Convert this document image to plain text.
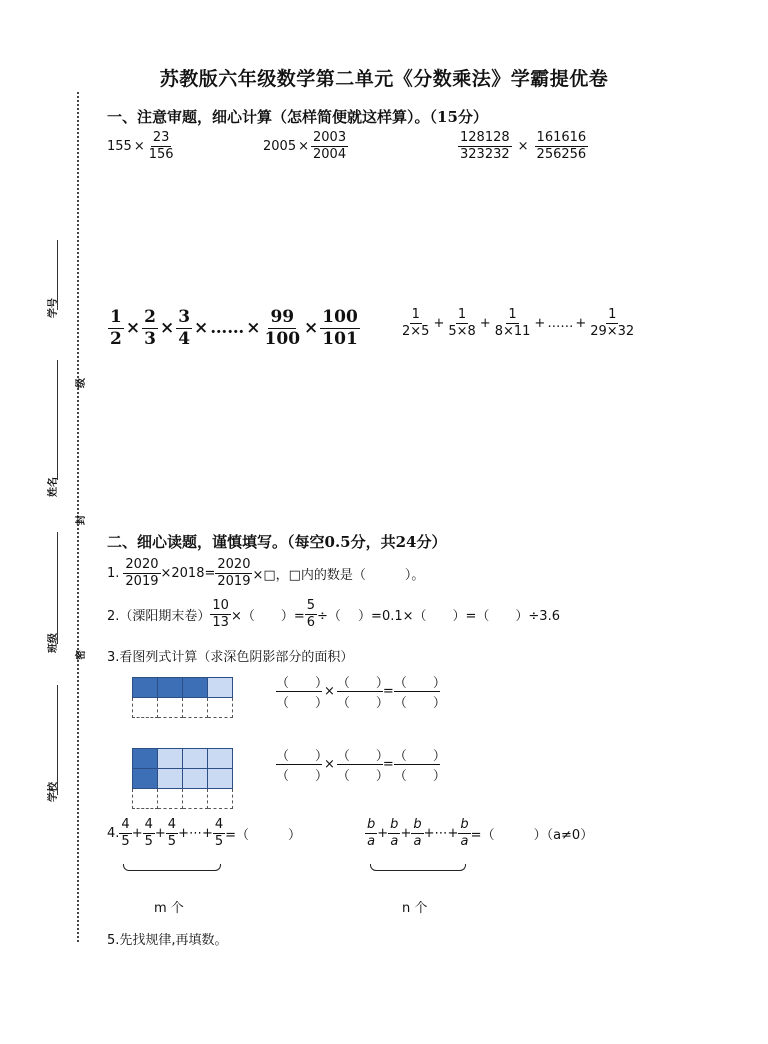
苏教版六年级数学第二单元《分数乘法》学霸提优卷
学号
级
姓名
封
班级
密
学校
一、注意审题，细心计算（怎样简便就这样算）。（15分）
$155 \times \frac{23}{156}$	$2005 \times \frac{2003}{2004}$	$\frac{128128}{323232} \times \frac{161616}{256256}$
$\frac{1}{2} \times \frac{2}{3} \times \frac{3}{4}$ × …… × $\frac{99}{100} \times \frac{100}{101}$	$\frac{1}{2\times 5} + \frac{1}{5\times 8} + \frac{1}{8\times 11}$ + …… + $\frac{1}{29\times 32}$
二、细心读题，谨慎填写。（每空0.5分，共24分）
1. $\frac{2020}{2019} \times 2018= \frac{2020}{2019}$ ×□，□内的数是（　　　）。
2.（溧阳期末卷） $\frac{10}{13}$ ×（　　）= $\frac{5}{6}$ ÷（　 ）=0.1×（　　）=（　　）÷3.6
3.看图列式计算（求深色阴影部分的面积）

（　　）
（　　）
×
（　　）
（　　）
=
（　　）
（　　）

（　　）
（　　）
×
（　　）
（　　）
=
（　　）
（　　）
4. $\frac{4}{5} + \frac{4}{5} + \frac{4}{5}$ +⋯+ $\frac{4}{5}$ =（　　　）
m 个
$\frac{b}{a} + \frac{b}{a} + \frac{b}{a}$ +⋯+ $\frac{b}{a}$ =（　　　）（a≠0）
n 个
5.先找规律,再填数。
